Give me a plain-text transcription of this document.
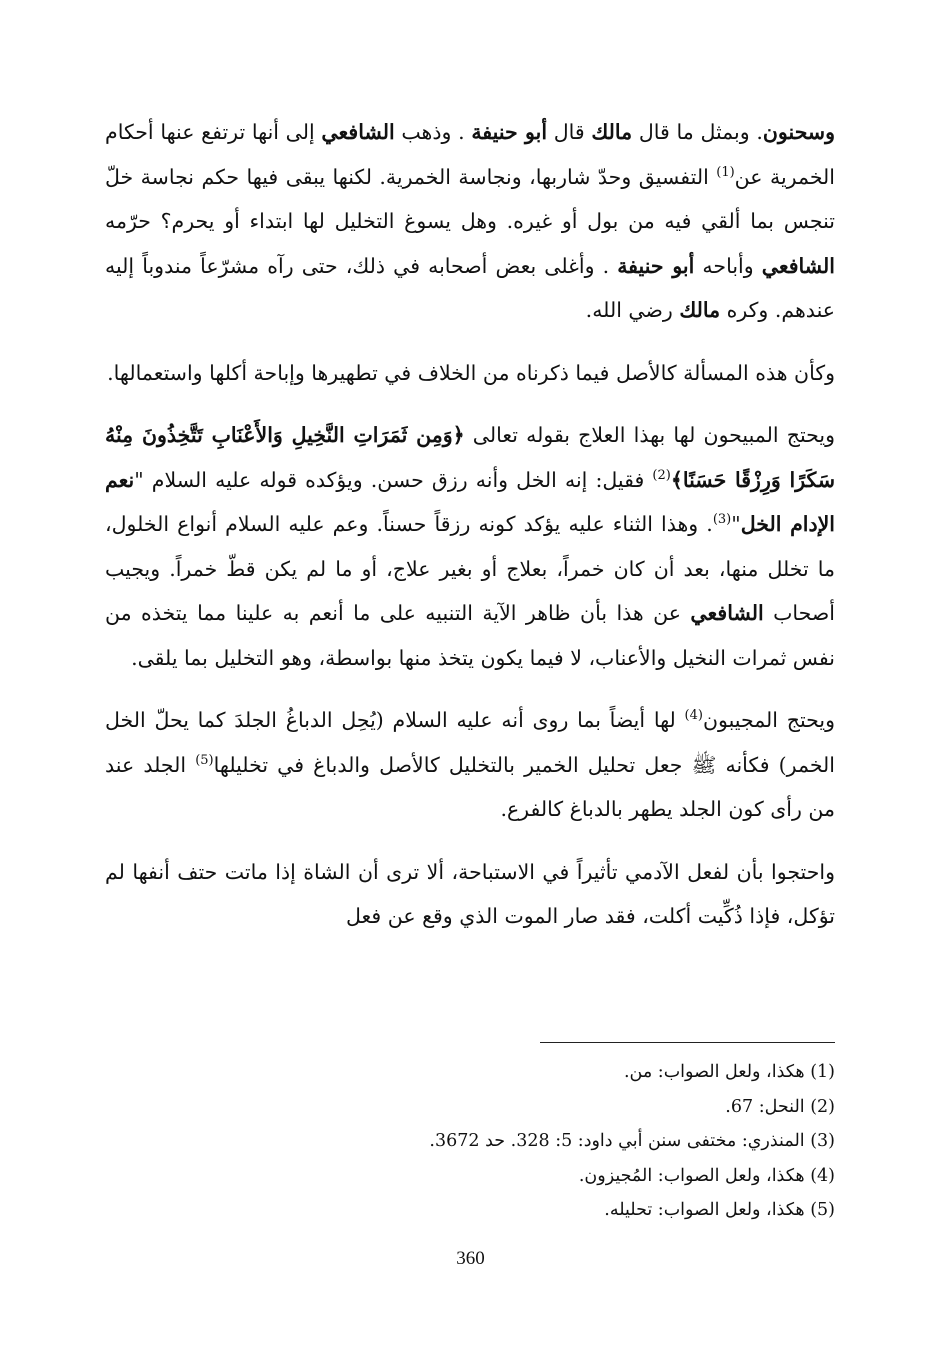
وسحنون. وبمثل ما قال مالك قال أبو حنيفة . وذهب الشافعي إلى أنها ترتفع عنها أحكام الخمرية عن$^{(1)}$ التفسيق وحدّ شاربها، ونجاسة الخمرية. لكنها يبقى فيها حكم نجاسة خلّ تنجس بما ألقي فيه من بول أو غيره. وهل يسوغ التخليل لها ابتداء أو يحرم؟ حرّمه الشافعي وأباحه أبو حنيفة . وأغلى بعض أصحابه في ذلك، حتى رآه مشرّعاً مندوباً إليه عندهم. وكره مالك رضي الله.

وكأن هذه المسألة كالأصل فيما ذكرناه من الخلاف في تطهيرها وإباحة أكلها واستعمالها.

ويحتج المبيحون لها بهذا العلاج بقوله تعالى ﴿وَمِن ثَمَرَاتِ النَّخِيلِ وَالأَعْنَابِ تَتَّخِذُونَ مِنْهُ سَكَرًا وَرِزْقًا حَسَنًا﴾$^{(2)}$ فقيل: إنه الخل وأنه رزق حسن. ويؤكده قوله عليه السلام "نعم الإدام الخل"$^{(3)}$. وهذا الثناء عليه يؤكد كونه رزقاً حسناً. وعم عليه السلام أنواع الخلول، ما تخلل منها، بعد أن كان خمراً، بعلاج أو بغير علاج، أو ما لم يكن قطّ خمراً. ويجيب أصحاب الشافعي عن هذا بأن ظاهر الآية التنبيه على ما أنعم به علينا مما يتخذه من نفس ثمرات النخيل والأعناب، لا فيما يكون يتخذ منها بواسطة، وهو التخليل بما يلقى.

ويحتج المجيبون$^{(4)}$ لها أيضاً بما روى أنه عليه السلام (يُحِل الدباغُ الجلدَ كما يحلّ الخل الخمر) فكأنه ﷺ جعل تحليل الخمير بالتخليل كالأصل والدباغ في تخليلها$^{(5)}$ الجلد عند من رأى كون الجلد يطهر بالدباغ كالفرع.

واحتجوا بأن لفعل الآدمي تأثيراً في الاستباحة، ألا ترى أن الشاة إذا ماتت حتف أنفها لم تؤكل، فإذا ذُكِّيت أكلت، فقد صار الموت الذي وقع عن فعل

(1) هكذا، ولعل الصواب: من.
(2) النحل: 67.
(3) المنذري: مختفى سنن أبي داود: 5: 328. حد 3672.
(4) هكذا، ولعل الصواب: المُجيزون.
(5) هكذا، ولعل الصواب: تحليله.
360
